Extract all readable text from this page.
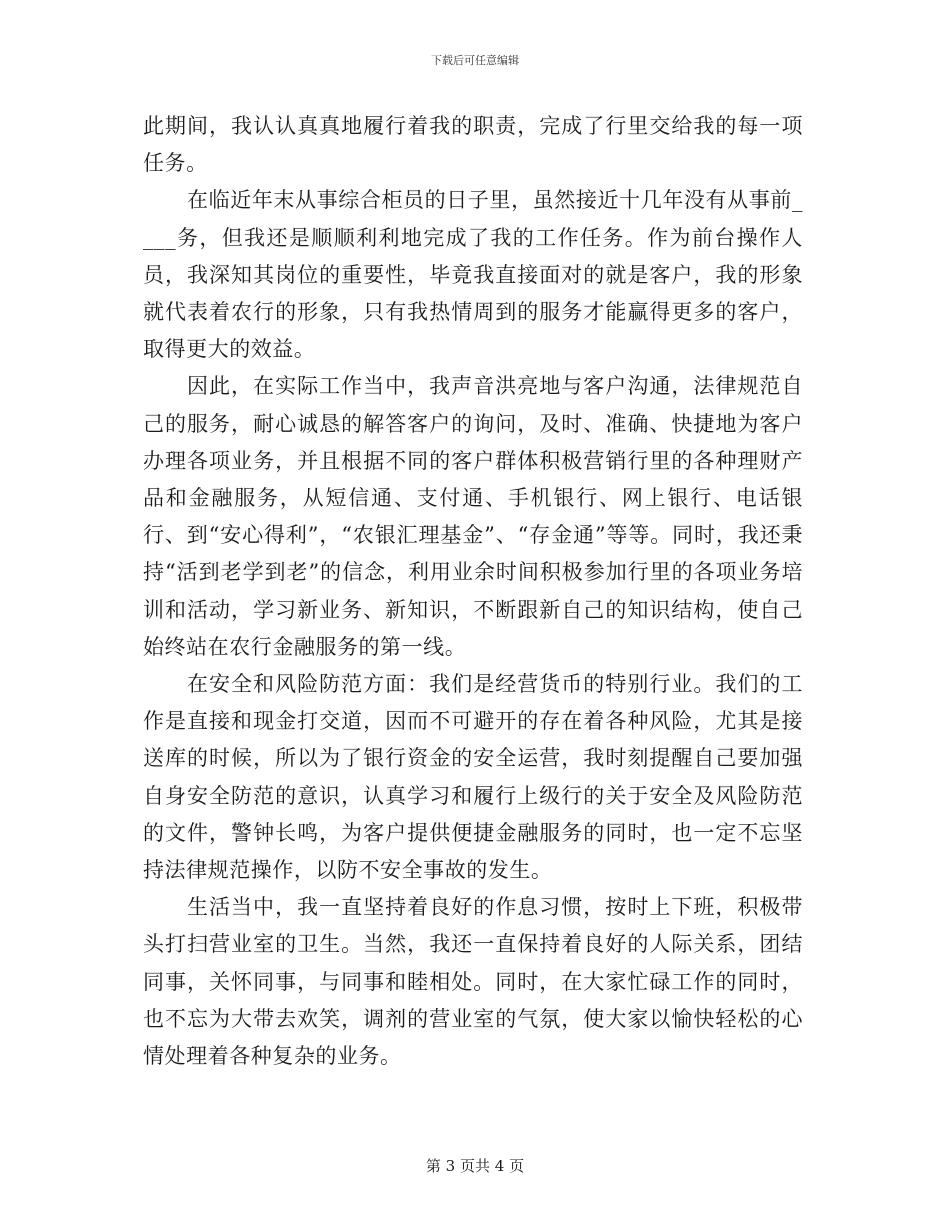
下载后可任意编辑

此期间，我认认真真地履行着我的职责，完成了行里交给我的每一项任务。

在临近年末从事综合柜员的日子里，虽然接近十几年没有从事前____务，但我还是顺顺利利地完成了我的工作任务。作为前台操作人员，我深知其岗位的重要性，毕竟我直接面对的就是客户，我的形象就代表着农行的形象，只有我热情周到的服务才能赢得更多的客户，取得更大的效益。

因此，在实际工作当中，我声音洪亮地与客户沟通，法律规范自己的服务，耐心诚恳的解答客户的询问，及时、准确、快捷地为客户办理各项业务，并且根据不同的客户群体积极营销行里的各种理财产品和金融服务，从短信通、支付通、手机银行、网上银行、电话银行、到“安心得利”，“农银汇理基金”、“存金通”等等。同时，我还秉持“活到老学到老”的信念，利用业余时间积极参加行里的各项业务培训和活动，学习新业务、新知识，不断跟新自己的知识结构，使自己始终站在农行金融服务的第一线。

在安全和风险防范方面：我们是经营货币的特别行业。我们的工作是直接和现金打交道，因而不可避开的存在着各种风险，尤其是接送库的时候，所以为了银行资金的安全运营，我时刻提醒自己要加强自身安全防范的意识，认真学习和履行上级行的关于安全及风险防范的文件，警钟长鸣，为客户提供便捷金融服务的同时，也一定不忘坚持法律规范操作，以防不安全事故的发生。

生活当中，我一直坚持着良好的作息习惯，按时上下班，积极带头打扫营业室的卫生。当然，我还一直保持着良好的人际关系，团结同事，关怀同事，与同事和睦相处。同时，在大家忙碌工作的同时，也不忘为大带去欢笑，调剂的营业室的气氛，使大家以愉快轻松的心情处理着各种复杂的业务。

第 3 页共 4 页
